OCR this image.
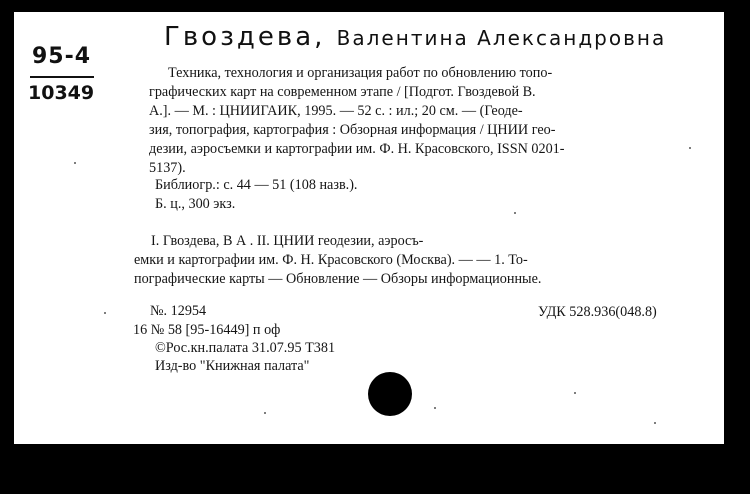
95-4
10349
Гвоздева, Валентина Александровна
Техника, технология и организация работ по обновлению топо-
графических карт на современном этапе / [Подгот. Гвоздевой В.
А.]. — М. : ЦНИИГАИК, 1995. — 52 с. : ил.; 20 см. — (Геоде-
зия, топография, картография : Обзорная информация / ЦНИИ гео-
дезии, аэросъемки и картографии им. Ф. Н. Красовского, ISSN 0201-
5137).
Библиогр.: с. 44 — 51 (108 назв.).
Б. ц., 300 экз.
I. Гвоздева, В А . II. ЦНИИ геодезии, аэросъ-
емки и картографии им. Ф. Н. Красовского (Москва). — — 1. То-
пографические карты — Обновление — Обзоры информационные.
№. 12954	УДК 528.936(048.8)
16 № 58 [95-16449] п оф
©Рос.кн.палата 31.07.95 Т381
Изд-во "Книжная палата"
